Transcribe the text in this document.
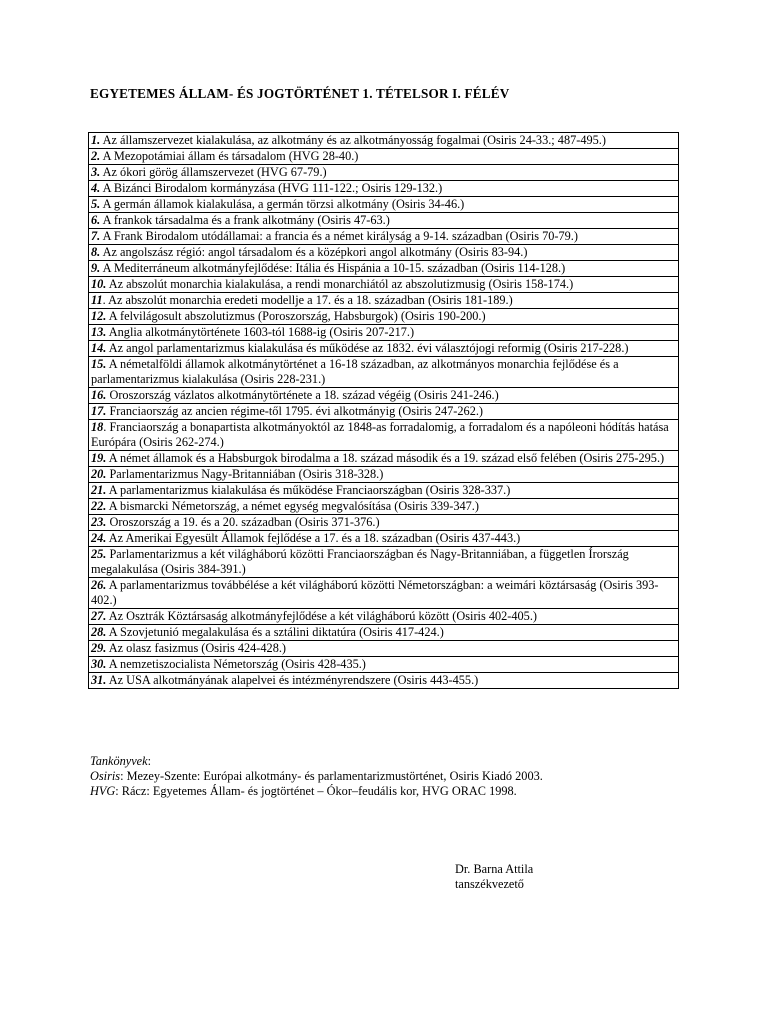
EGYETEMES ÁLLAM- ÉS JOGTÖRTÉNET 1. TÉTELSOR I. FÉLÉV
1. Az államszervezet kialakulása, az alkotmány és az alkotmányosság fogalmai (Osiris 24-33.; 487-495.)
2. A Mezopotámiai állam és társadalom (HVG 28-40.)
3. Az ókori görög államszervezet (HVG 67-79.)
4. A Bizánci Birodalom kormányzása (HVG 111-122.; Osiris 129-132.)
5. A germán államok kialakulása, a germán törzsi alkotmány (Osiris 34-46.)
6. A frankok társadalma és a frank alkotmány (Osiris 47-63.)
7. A Frank Birodalom utódállamai: a francia és a német királyság a 9-14. században (Osiris 70-79.)
8. Az angolszász régió: angol társadalom és a középkori angol alkotmány (Osiris 83-94.)
9. A Mediterráneum alkotmányfejlődése: Itália és Hispánia a 10-15. században (Osiris 114-128.)
10. Az abszolút monarchia kialakulása, a rendi monarchiától az abszolutizmusig (Osiris 158-174.)
11. Az abszolút monarchia eredeti modellje a 17. és a 18. században (Osiris 181-189.)
12. A felvilágosult abszolutizmus (Poroszország, Habsburgok) (Osiris 190-200.)
13. Anglia alkotmánytörténete 1603-tól 1688-ig (Osiris 207-217.)
14. Az angol parlamentarizmus kialakulása és működése az 1832. évi választójogi reformig (Osiris 217-228.)
15. A németalföldi államok alkotmánytörténet a 16-18 században, az alkotmányos monarchia fejlődése és a parlamentarizmus kialakulása (Osiris 228-231.)
16. Oroszország vázlatos alkotmánytörténete a 18. század végéig (Osiris 241-246.)
17. Franciaország az ancien régime-től 1795. évi alkotmányig (Osiris 247-262.)
18. Franciaország a bonapartista alkotmányoktól az 1848-as forradalomig, a forradalom és a napóleoni hódítás hatása Európára (Osiris 262-274.)
19. A német államok és a Habsburgok birodalma a 18. század második és a 19. század első felében (Osiris 275-295.)
20. Parlamentarizmus Nagy-Britanniában (Osiris 318-328.)
21. A parlamentarizmus kialakulása és működése Franciaországban (Osiris 328-337.)
22. A bismarcki Németország, a német egység megvalósítása (Osiris 339-347.)
23. Oroszország a 19. és a 20. században (Osiris 371-376.)
24. Az Amerikai Egyesült Államok fejlődése a 17. és a 18. században (Osiris 437-443.)
25. Parlamentarizmus a két világháború közötti Franciaországban és Nagy-Britanniában, a független Írország megalakulása (Osiris 384-391.)
26. A parlamentarizmus továbbélése a két világháború közötti Németországban: a weimári köztársaság (Osiris 393-402.)
27. Az Osztrák Köztársaság alkotmányfejlődése a két világháború között (Osiris 402-405.)
28. A Szovjetunió megalakulása és a sztálini diktatúra (Osiris 417-424.)
29. Az olasz fasizmus (Osiris 424-428.)
30. A nemzetiszocialista Németország (Osiris 428-435.)
31. Az USA alkotmányának alapelvei és intézményrendszere (Osiris 443-455.)
Tankönyvek:
Osiris: Mezey-Szente: Európai alkotmány- és parlamentarizmustörténet, Osiris Kiadó 2003.
HVG: Rácz: Egyetemes Állam- és jogtörténet – Ókor–feudális kor, HVG ORAC 1998.
Dr. Barna Attila
tanszékvezető
